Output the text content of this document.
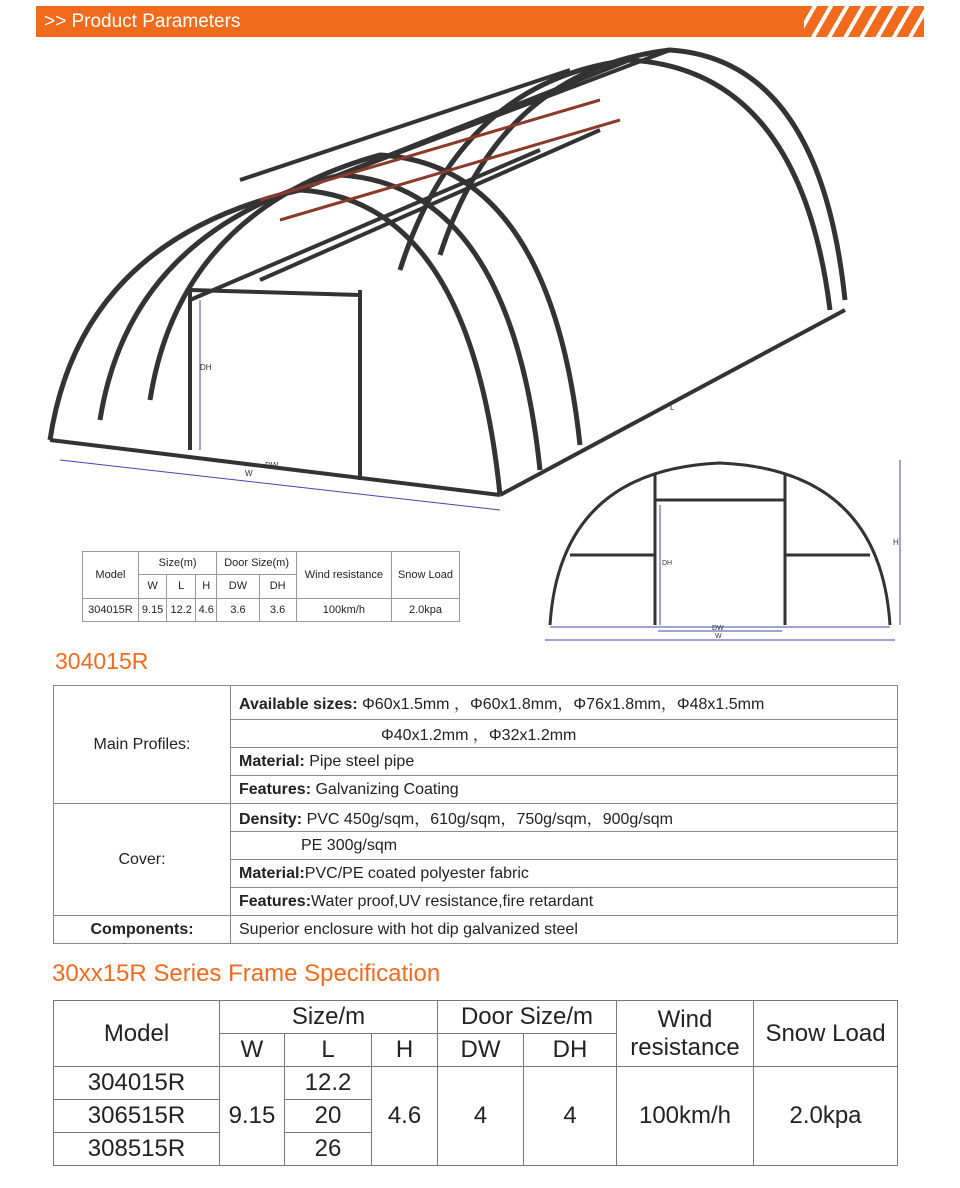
>> Product Parameters
DH
DW
W
L
Model	Size(m)			Door Size(m)		Wind resistance	Snow Load
	W	L	H	DW	DH		
304015R	9.15	12.2	4.6	3.6	3.6	100km/h	2.0kpa
H
DH
DW
W
304015R
Main Profiles:	Available sizes: Φ60x1.5mm ，Φ60x1.8mm，Φ76x1.8mm，Φ48x1.5mm
	Φ40x1.2mm ，Φ32x1.2mm
	Material: Pipe steel pipe
	Features: Galvanizing Coating
Cover:	Density: PVC 450g/sqm，610g/sqm，750g/sqm，900g/sqm
	PE 300g/sqm
	Material:PVC/PE coated polyester fabric
	Features:Water proof,UV resistance,fire retardant
Components:	Superior enclosure with hot dip galvanized steel
30xx15R Series Frame Specification
Model	Size/m			Door Size/m		Wind resistance	Snow Load
	W	L	H	DW	DH		
304015R	9.15	12.2	4.6	4	4	100km/h	2.0kpa
306515R		20					
308515R		26					
